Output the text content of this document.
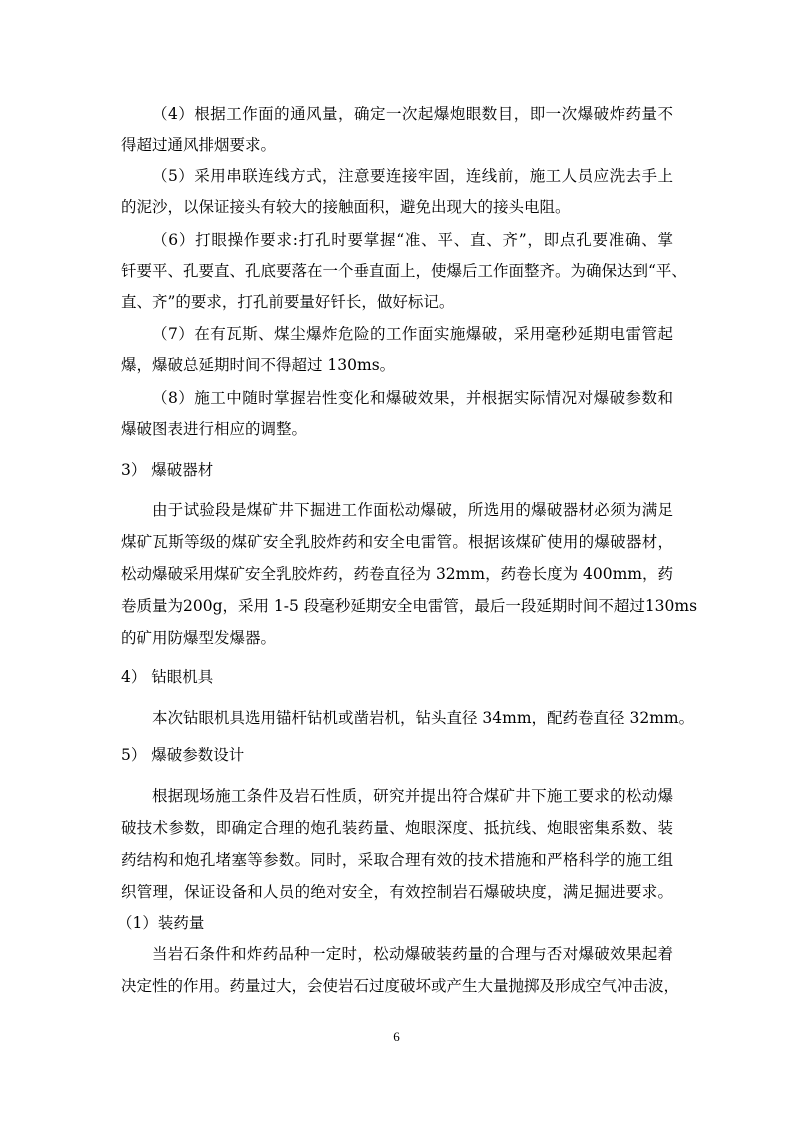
（4）根据工作面的通风量，确定一次起爆炮眼数目，即一次爆破炸药量不
得超过通风排烟要求。
（5）采用串联连线方式，注意要连接牢固，连线前，施工人员应洗去手上
的泥沙，以保证接头有较大的接触面积，避免出现大的接头电阻。
（6）打眼操作要求:打孔时要掌握“准、平、直、齐”，即点孔要准确、掌
钎要平、孔要直、孔底要落在一个垂直面上，使爆后工作面整齐。为确保达到“平、
直、齐”的要求，打孔前要量好钎长，做好标记。
（7）在有瓦斯、煤尘爆炸危险的工作面实施爆破，采用毫秒延期电雷管起
爆，爆破总延期时间不得超过 130ms。
（8）施工中随时掌握岩性变化和爆破效果，并根据实际情况对爆破参数和
爆破图表进行相应的调整。
3） 爆破器材
由于试验段是煤矿井下掘进工作面松动爆破，所选用的爆破器材必须为满足
煤矿瓦斯等级的煤矿安全乳胶炸药和安全电雷管。根据该煤矿使用的爆破器材，
松动爆破采用煤矿安全乳胶炸药，药卷直径为 32mm，药卷长度为 400mm，药
卷质量为200g，采用 1-5 段毫秒延期安全电雷管，最后一段延期时间不超过130ms
的矿用防爆型发爆器。
4） 钻眼机具
本次钻眼机具选用锚杆钻机或凿岩机，钻头直径 34mm，配药卷直径 32mm。
5） 爆破参数设计
根据现场施工条件及岩石性质，研究并提出符合煤矿井下施工要求的松动爆
破技术参数，即确定合理的炮孔装药量、炮眼深度、抵抗线、炮眼密集系数、装
药结构和炮孔堵塞等参数。同时，采取合理有效的技术措施和严格科学的施工组
织管理，保证设备和人员的绝对安全，有效控制岩石爆破块度，满足掘进要求。
（1）装药量
当岩石条件和炸药品种一定时，松动爆破装药量的合理与否对爆破效果起着
决定性的作用。药量过大，会使岩石过度破坏或产生大量抛掷及形成空气冲击波，
6
